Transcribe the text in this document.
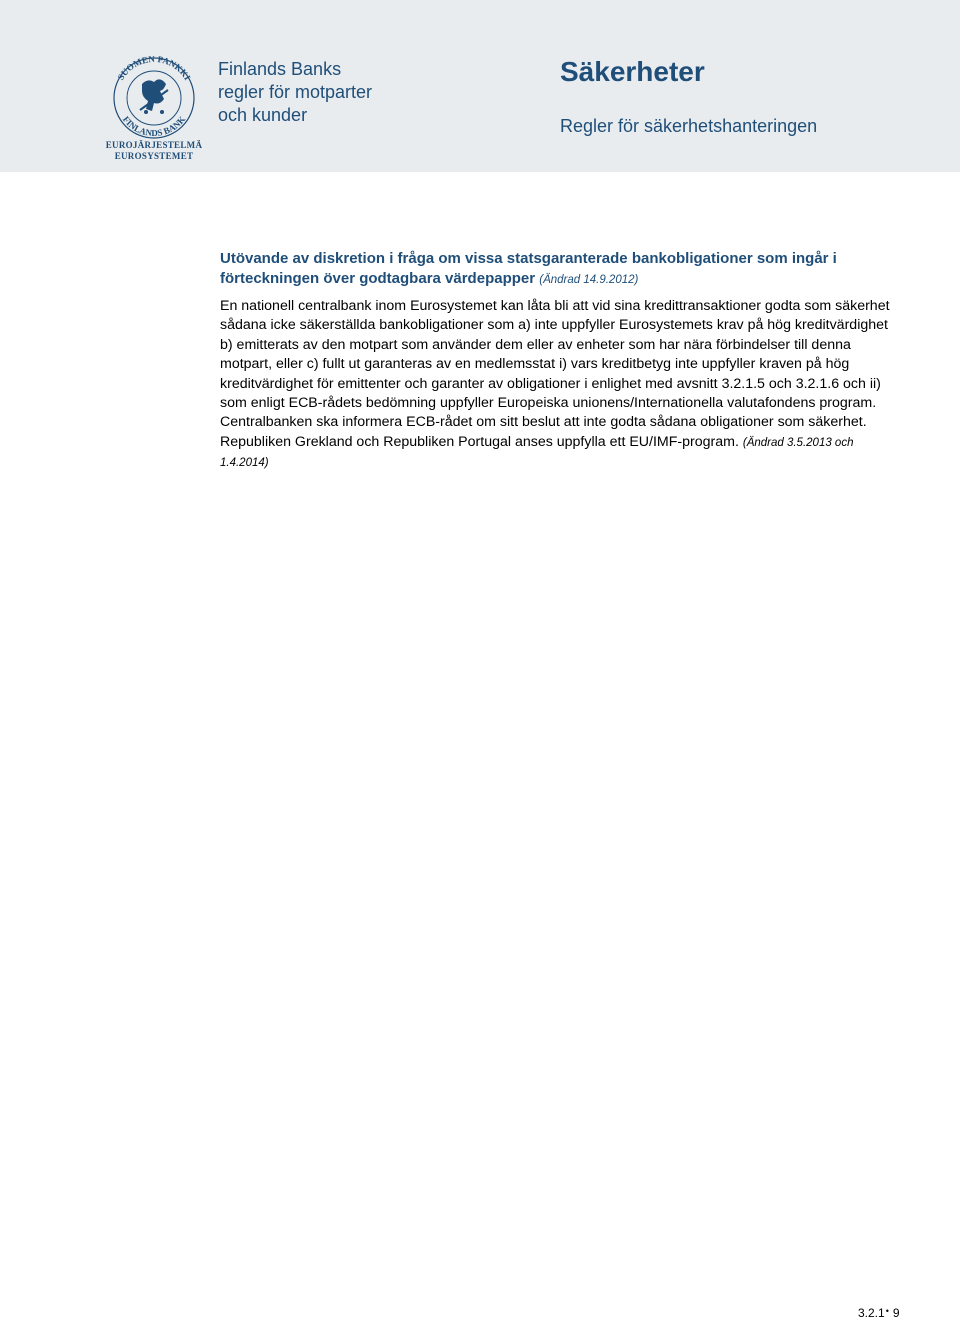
SUOMEN PANKKI
FINLANDS BANK
EUROJÄRJESTELMÄ
EUROSYSTEMET
Finlands Banks
regler för motparter
och kunder
Säkerheter
Regler för säkerhetshanteringen
Utövande av diskretion i fråga om vissa statsgaranterade bankobligationer som ingår i förteckningen över godtagbara värdepapper (Ändrad 14.9.2012)
En nationell centralbank inom Eurosystemet kan låta bli att vid sina kredittransaktioner godta som säkerhet sådana icke säkerställda bankobligationer som a) inte uppfyller Eurosystemets krav på hög kreditvärdighet b) emitterats av den motpart som använder dem eller av enheter som har nära förbindelser till denna motpart, eller c) fullt ut garanteras av en medlemsstat i) vars kreditbetyg inte uppfyller kraven på hög kreditvärdighet för emittenter och garanter av obligationer i enlighet med avsnitt 3.2.1.5 och 3.2.1.6 och ii) som enligt ECB-rådets bedömning uppfyller Europeiska unionens/Internationella valutafondens program. Centralbanken ska informera ECB-rådet om sitt beslut att inte godta sådana obligationer som säkerhet. Republiken Grekland och Republiken Portugal anses uppfylla ett EU/IMF-program. (Ändrad 3.5.2013 och 1.4.2014)
3.2.1• 9
